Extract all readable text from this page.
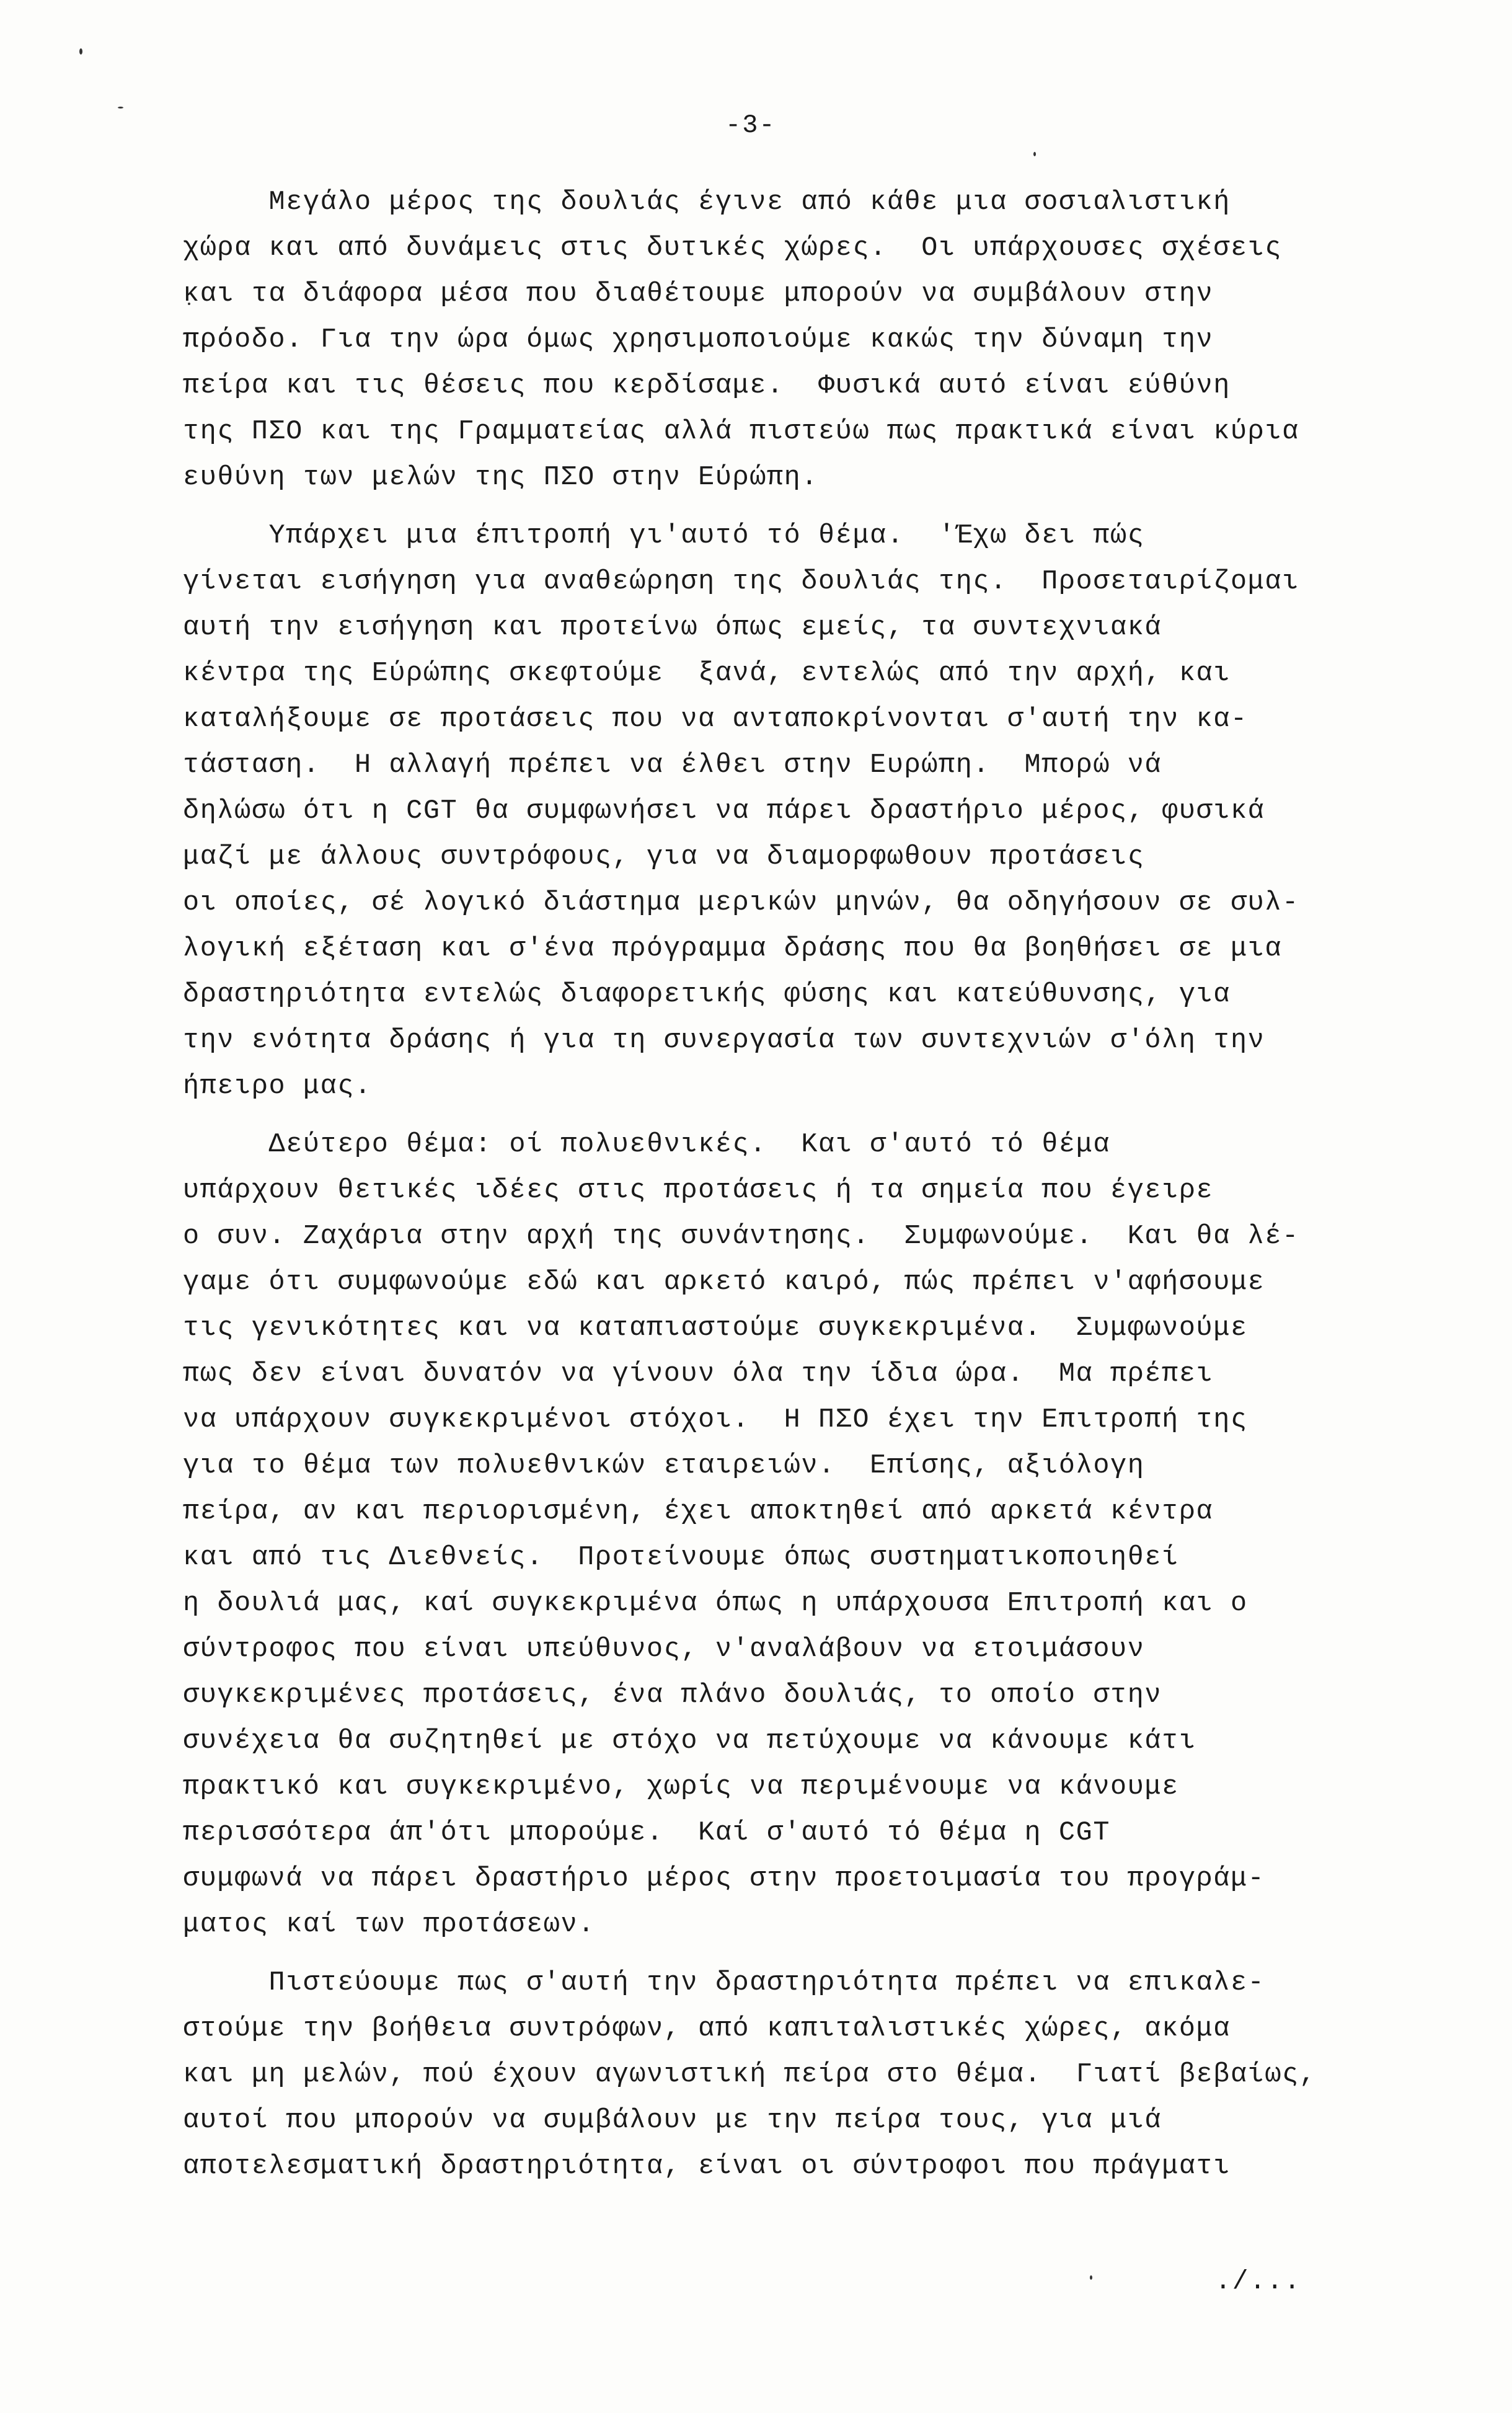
-3-
Μεγάλο μέρος της δουλιάς έγινε από κάθε μια σοσιαλιστική
χώρα και από δυνάμεις στις δυτικές χώρες.  Οι υπάρχουσες σχέσεις
και τα διάφορα μέσα που διαθέτουμε μπορούν να συμβάλουν στην
πρόοδο. Για την ώρα όμως χρησιμοποιούμε κακώς την δύναμη την
πείρα και τις θέσεις που κερδίσαμε.  Φυσικά αυτό είναι εύθύνη
της ΠΣΟ και της Γραμματείας αλλά πιστεύω πως πρακτικά είναι κύρια
ευθύνη των μελών της ΠΣΟ στην Εύρώπη.
Υπάρχει μια έπιτροπή γι'αυτό τό θέμα.  'Έχω δει πώς
γίνεται εισήγηση για αναθεώρηση της δουλιάς της.  Προσεταιρίζομαι
αυτή την εισήγηση και προτείνω όπως εμείς, τα συντεχνιακά
κέντρα της Εύρώπης σκεφτούμε  ξανά, εντελώς από την αρχή, και
καταλήξουμε σε προτάσεις που να ανταποκρίνονται σ'αυτή την κα-
τάσταση.  Η αλλαγή πρέπει να έλθει στην Ευρώπη.  Μπορώ νά
δηλώσω ότι η CGT θα συμφωνήσει να πάρει δραστήριο μέρος, φυσικά
μαζί με άλλους συντρόφους, για να διαμορφωθουν προτάσεις
οι οποίες, σέ λογικό διάστημα μερικών μηνών, θα οδηγήσουν σε συλ-
λογική εξέταση και σ'ένα πρόγραμμα δράσης που θα βοηθήσει σε μια
δραστηριότητα εντελώς διαφορετικής φύσης και κατεύθυνσης, για
την ενότητα δράσης ή για τη συνεργασία των συντεχνιών σ'όλη την
ήπειρο μας.
Δεύτερο θέμα: οί πολυεθνικές.  Και σ'αυτό τό θέμα
υπάρχουν θετικές ιδέες στις προτάσεις ή τα σημεία που έγειρε
ο συν. Ζαχάρια στην αρχή της συνάντησης.  Συμφωνούμε.  Και θα λέ-
γαμε ότι συμφωνούμε εδώ και αρκετό καιρό, πώς πρέπει ν'αφήσουμε
τις γενικότητες και να καταπιαστούμε συγκεκριμένα.  Συμφωνούμε
πως δεν είναι δυνατόν να γίνουν όλα την ίδια ώρα.  Μα πρέπει
να υπάρχουν συγκεκριμένοι στόχοι.  Η ΠΣΟ έχει την Επιτροπή της
για το θέμα των πολυεθνικών εταιρειών.  Επίσης, αξιόλογη
πείρα, αν και περιορισμένη, έχει αποκτηθεί από αρκετά κέντρα
και από τις Διεθνείς.  Προτείνουμε όπως συστηματικοποιηθεί
η δουλιά μας, καί συγκεκριμένα όπως η υπάρχουσα Επιτροπή και ο
σύντροφος που είναι υπεύθυνος, ν'αναλάβουν να ετοιμάσουν
συγκεκριμένες προτάσεις, ένα πλάνο δουλιάς, το οποίο στην
συνέχεια θα συζητηθεί με στόχο να πετύχουμε να κάνουμε κάτι
πρακτικό και συγκεκριμένο, χωρίς να περιμένουμε να κάνουμε
περισσότερα άπ'ότι μπορούμε.  Καί σ'αυτό τό θέμα η CGT
συμφωνά να πάρει δραστήριο μέρος στην προετοιμασία του προγράμ-
ματος καί των προτάσεων.
Πιστεύουμε πως σ'αυτή την δραστηριότητα πρέπει να επικαλε-
στούμε την βοήθεια συντρόφων, από καπιταλιστικές χώρες, ακόμα
και μη μελών, πού έχουν αγωνιστική πείρα στο θέμα.  Γιατί βεβαίως,
αυτοί που μπορούν να συμβάλουν με την πείρα τους, για μιά
αποτελεσματική δραστηριότητα, είναι οι σύντροφοι που πράγματι
./...
